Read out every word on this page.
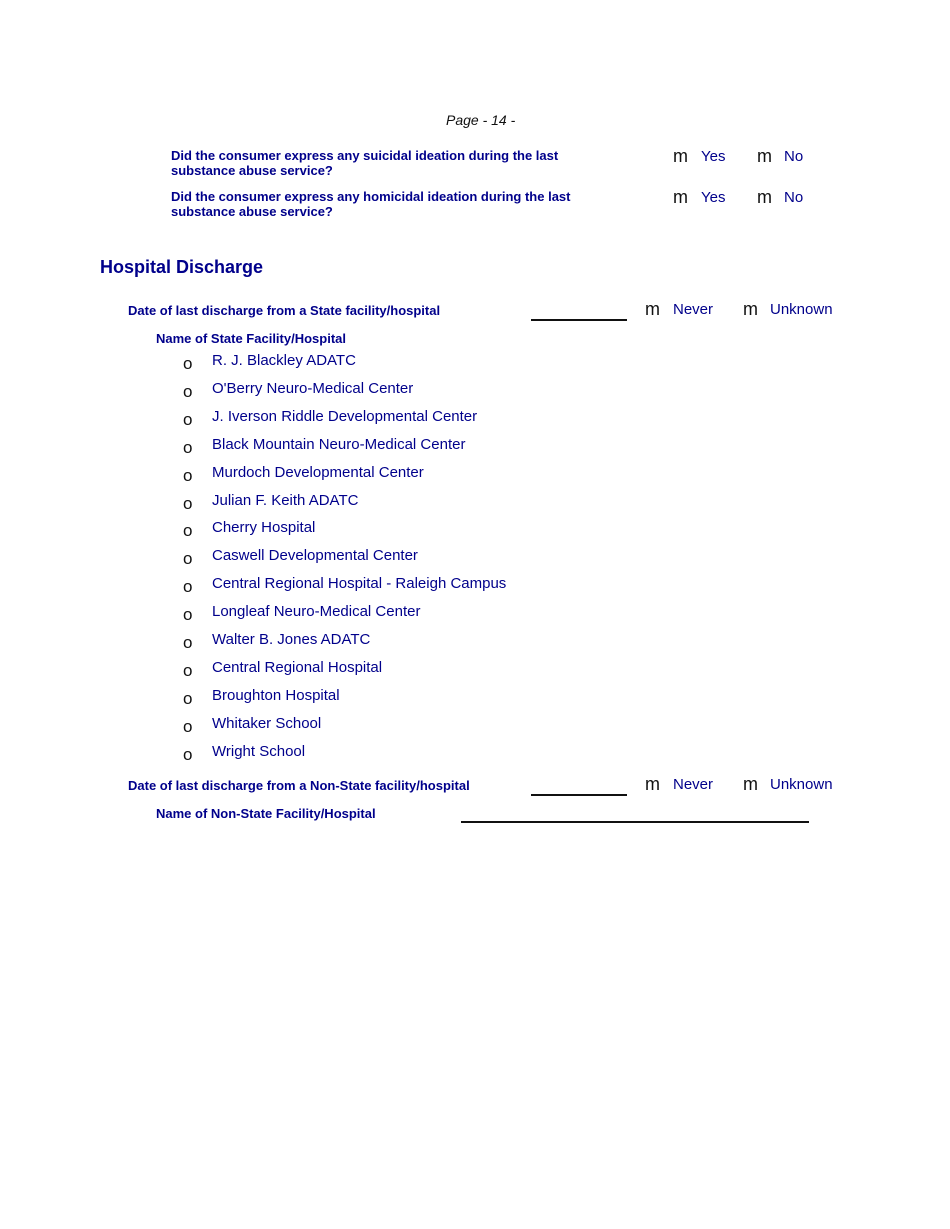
Page - 14 -
Did the consumer express any suicidal ideation during the last substance abuse service?
m Yes m No
Did the consumer express any homicidal ideation during the last substance abuse service?
m Yes m No
Hospital Discharge
Date of last discharge from a State facility/hospital	m Never m Unknown
Name of State Facility/Hospital
o R. J. Blackley ADATC
o O'Berry Neuro-Medical Center
o J. Iverson Riddle Developmental Center
o Black Mountain Neuro-Medical Center
o Murdoch Developmental Center
o Julian F. Keith ADATC
o Cherry Hospital
o Caswell Developmental Center
o Central Regional Hospital - Raleigh Campus
o Longleaf Neuro-Medical Center
o Walter B. Jones ADATC
o Central Regional Hospital
o Broughton Hospital
o Whitaker School
o Wright School
Date of last discharge from a Non-State facility/hospital	m Never m Unknown
Name of Non-State Facility/Hospital
